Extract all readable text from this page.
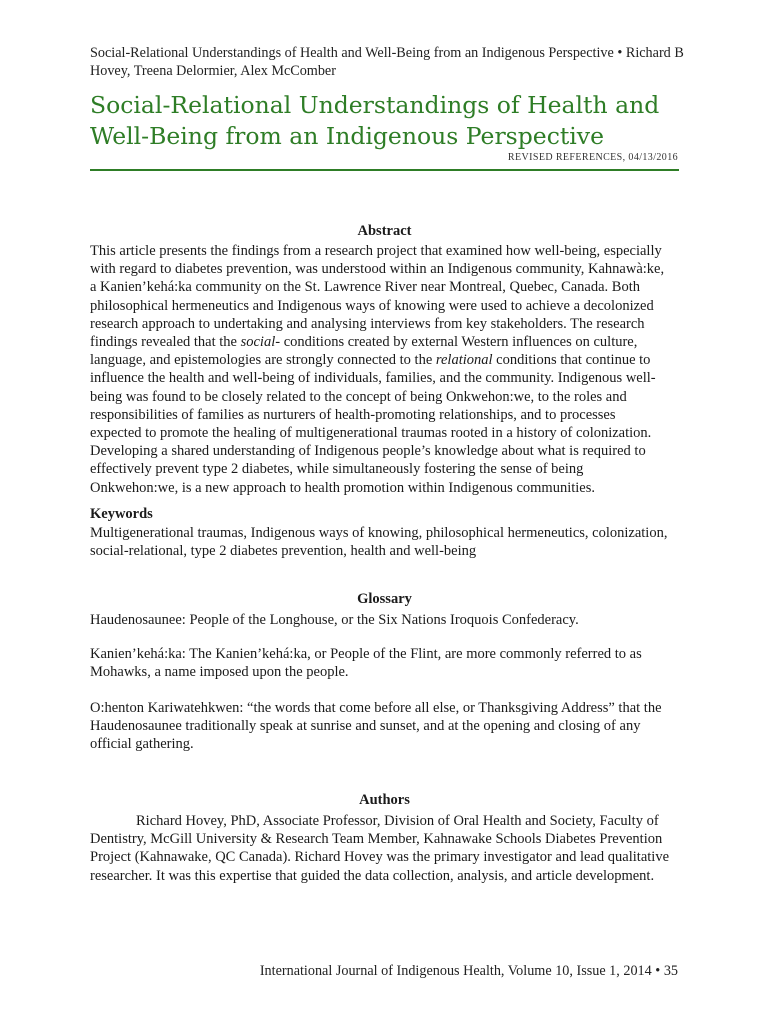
Social-Relational Understandings of Health and Well-Being from an Indigenous Perspective • Richard B Hovey, Treena Delormier, Alex McComber
Social-Relational Understandings of Health and Well-Being from an Indigenous Perspective
REVISED REFERENCES, 04/13/2016
Abstract

This article presents the findings from a research project that examined how well-being, especially with regard to diabetes prevention, was understood within an Indigenous community, Kahnawà:ke, a Kanien’kehá:ka community on the St. Lawrence River near Montreal, Quebec, Canada. Both philosophical hermeneutics and Indigenous ways of knowing were used to achieve a decolonized research approach to undertaking and analysing interviews from key stakeholders. The research findings revealed that the social- conditions created by external Western influences on culture, language, and epistemologies are strongly connected to the relational conditions that continue to influence the health and well-being of individuals, families, and the community. Indigenous well-being was found to be closely related to the concept of being Onkwehon:we, to the roles and responsibilities of families as nurturers of health-promoting relationships, and to processes expected to promote the healing of multigenerational traumas rooted in a history of colonization. Developing a shared understanding of Indigenous people’s knowledge about what is required to effectively prevent type 2 diabetes, while simultaneously fostering the sense of being Onkwehon:we, is a new approach to health promotion within Indigenous communities.

Keywords

Multigenerational traumas, Indigenous ways of knowing, philosophical hermeneutics, colonization, social-relational, type 2 diabetes prevention, health and well-being

Glossary

Haudenosaunee: People of the Longhouse, or the Six Nations Iroquois Confederacy.

Kanien’kehá:ka: The Kanien’kehá:ka, or People of the Flint, are more commonly referred to as Mohawks, a name imposed upon the people.

O:henton Kariwatehkwen: “the words that come before all else, or Thanksgiving Address” that the Haudenosaunee traditionally speak at sunrise and sunset, and at the opening and closing of any official gathering.

Authors

Richard Hovey, PhD, Associate Professor, Division of Oral Health and Society, Faculty of Dentistry, McGill University & Research Team Member, Kahnawake Schools Diabetes Prevention Project (Kahnawake, QC Canada). Richard Hovey was the primary investigator and lead qualitative researcher. It was this expertise that guided the data collection, analysis, and article development.

International Journal of Indigenous Health, Volume 10, Issue 1, 2014 • 35
